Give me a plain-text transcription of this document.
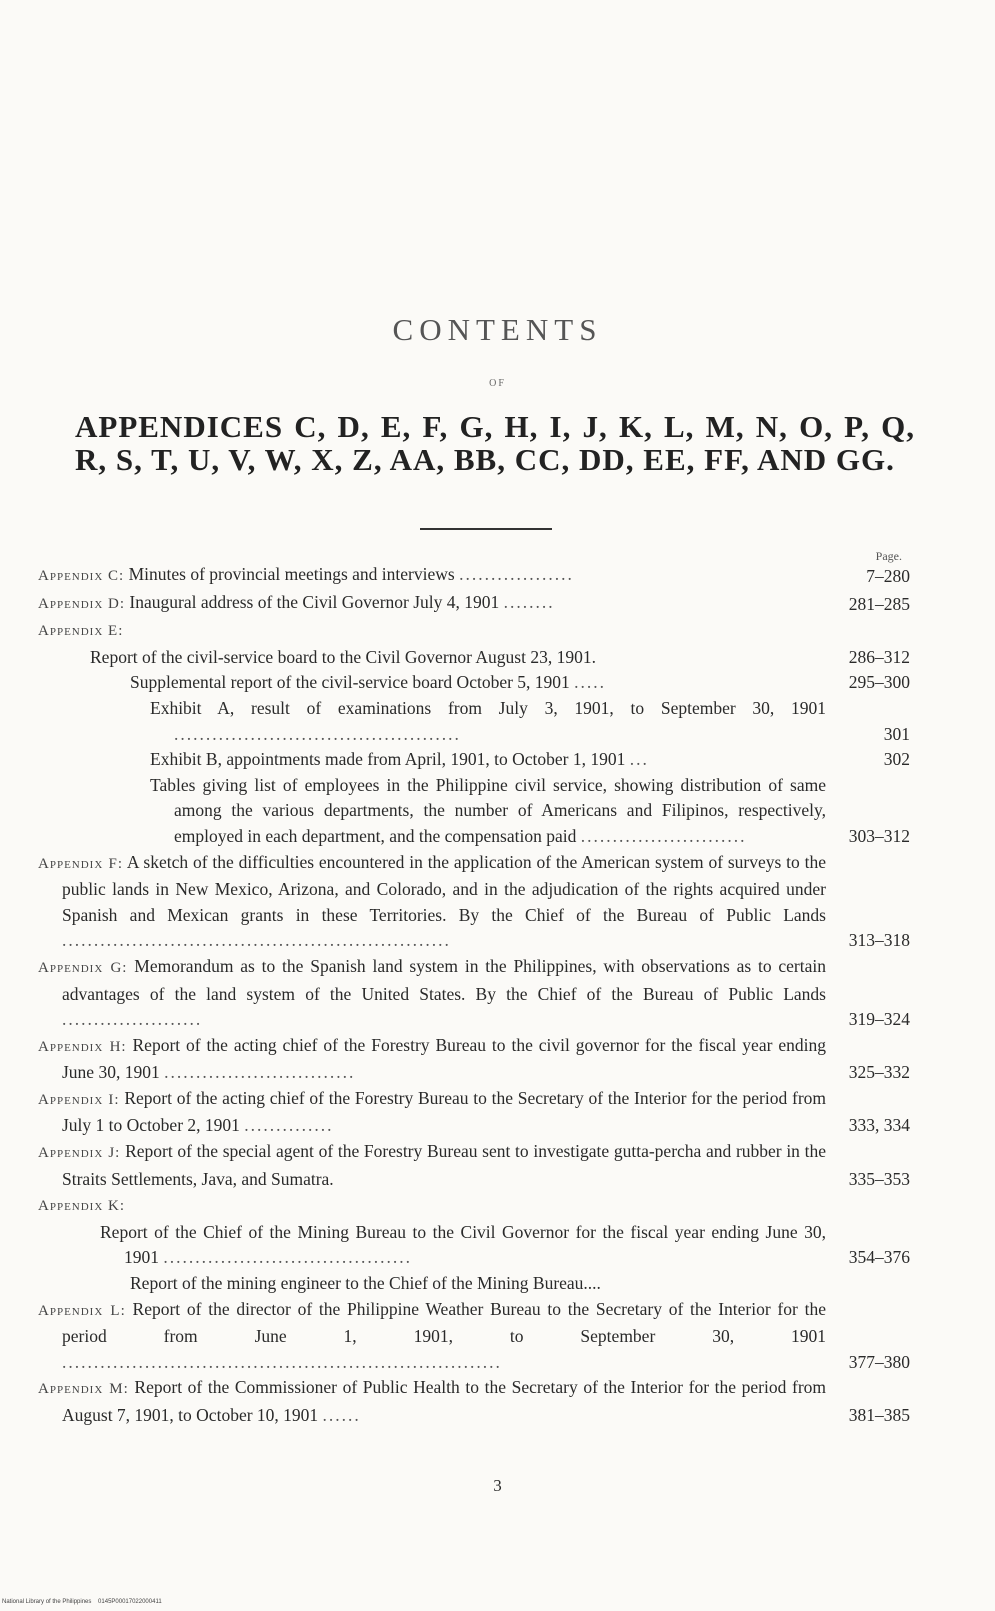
CONTENTS
OF
APPENDICES C, D, E, F, G, H, I, J, K, L, M, N, O, P, Q, R, S, T, U, V, W, X, Z, AA, BB, CC, DD, EE, FF, AND GG.
Page.
Appendix C: Minutes of provincial meetings and interviews ..................	7–280
Appendix D: Inaugural address of the Civil Governor July 4, 1901 ........	281–285
Appendix E:
Report of the civil-service board to the Civil Governor August 23, 1901.	286–312
Supplemental report of the civil-service board October 5, 1901 .....	295–300
Exhibit A, result of examinations from July 3, 1901, to September 30, 1901 .............................................	301
Exhibit B, appointments made from April, 1901, to October 1, 1901 ...	302
Tables giving list of employees in the Philippine civil service, showing distribution of same among the various departments, the number of Americans and Filipinos, respectively, employed in each department, and the compensation paid ..........................	303–312
Appendix F: A sketch of the difficulties encountered in the application of the American system of surveys to the public lands in New Mexico, Arizona, and Colorado, and in the adjudication of the rights acquired under Spanish and Mexican grants in these Territories. By the Chief of the Bureau of Public Lands .............................................................	313–318
Appendix G: Memorandum as to the Spanish land system in the Philippines, with observations as to certain advantages of the land system of the United States. By the Chief of the Bureau of Public Lands ......................	319–324
Appendix H: Report of the acting chief of the Forestry Bureau to the civil governor for the fiscal year ending June 30, 1901 ..............................	325–332
Appendix I: Report of the acting chief of the Forestry Bureau to the Secretary of the Interior for the period from July 1 to October 2, 1901 ..............	333, 334
Appendix J: Report of the special agent of the Forestry Bureau sent to investigate gutta-percha and rubber in the Straits Settlements, Java, and Sumatra.	335–353
Appendix K:
Report of the Chief of the Mining Bureau to the Civil Governor for the fiscal year ending June 30, 1901 .......................................	354–376
Report of the mining engineer to the Chief of the Mining Bureau....
Appendix L: Report of the director of the Philippine Weather Bureau to the Secretary of the Interior for the period from June 1, 1901, to September 30, 1901 .....................................................................	377–380
Appendix M: Report of the Commissioner of Public Health to the Secretary of the Interior for the period from August 7, 1901, to October 10, 1901 ......	381–385
3
National Library of the Philippines    0145P00017022000411
